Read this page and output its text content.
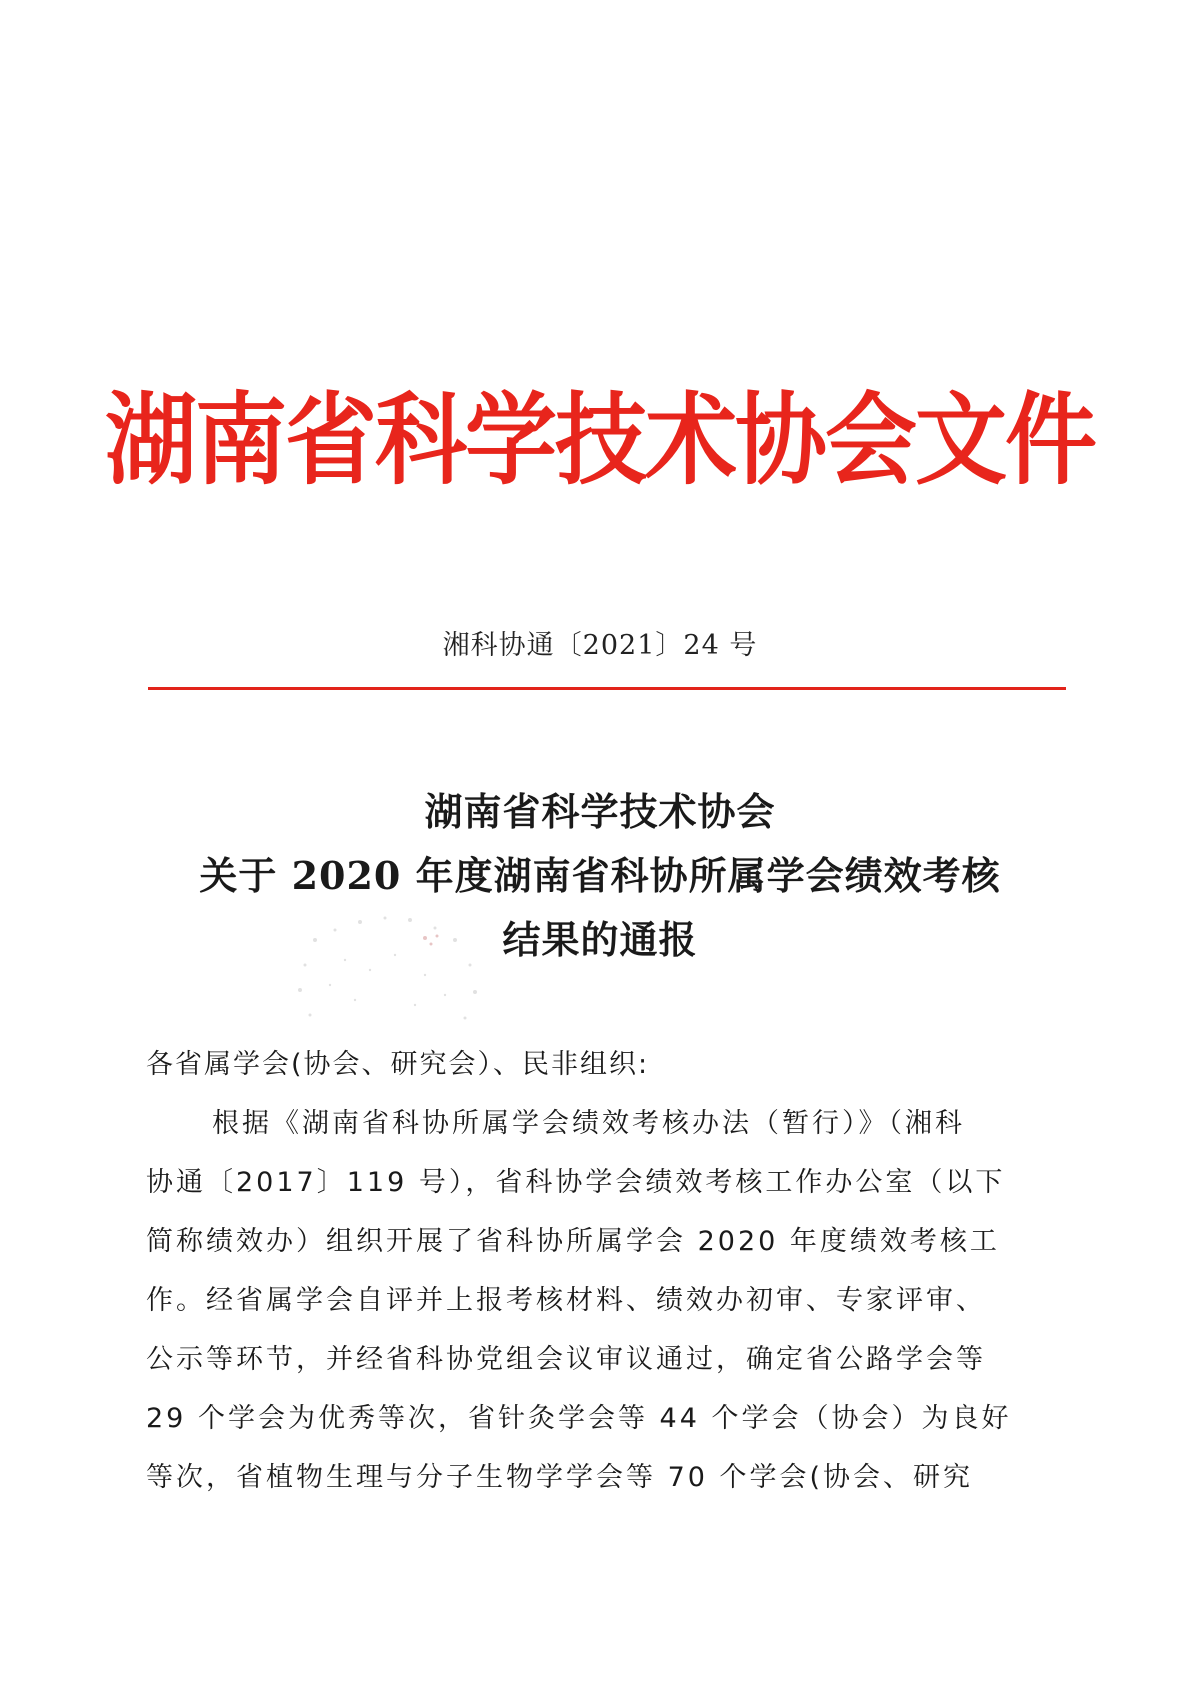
湖南省科学技术协会文件
湘科协通〔2021〕24 号
湖南省科学技术协会
关于 2020 年度湖南省科协所属学会绩效考核
结果的通报
各省属学会(协会、研究会）、民非组织:
根据《湖南省科协所属学会绩效考核办法（暂行）》（湘科
协通〔2017〕119 号），省科协学会绩效考核工作办公室（以下
简称绩效办）组织开展了省科协所属学会 2020 年度绩效考核工
作。经省属学会自评并上报考核材料、绩效办初审、专家评审、
公示等环节，并经省科协党组会议审议通过，确定省公路学会等
29 个学会为优秀等次，省针灸学会等 44 个学会（协会）为良好
等次，省植物生理与分子生物学学会等 70 个学会(协会、研究
